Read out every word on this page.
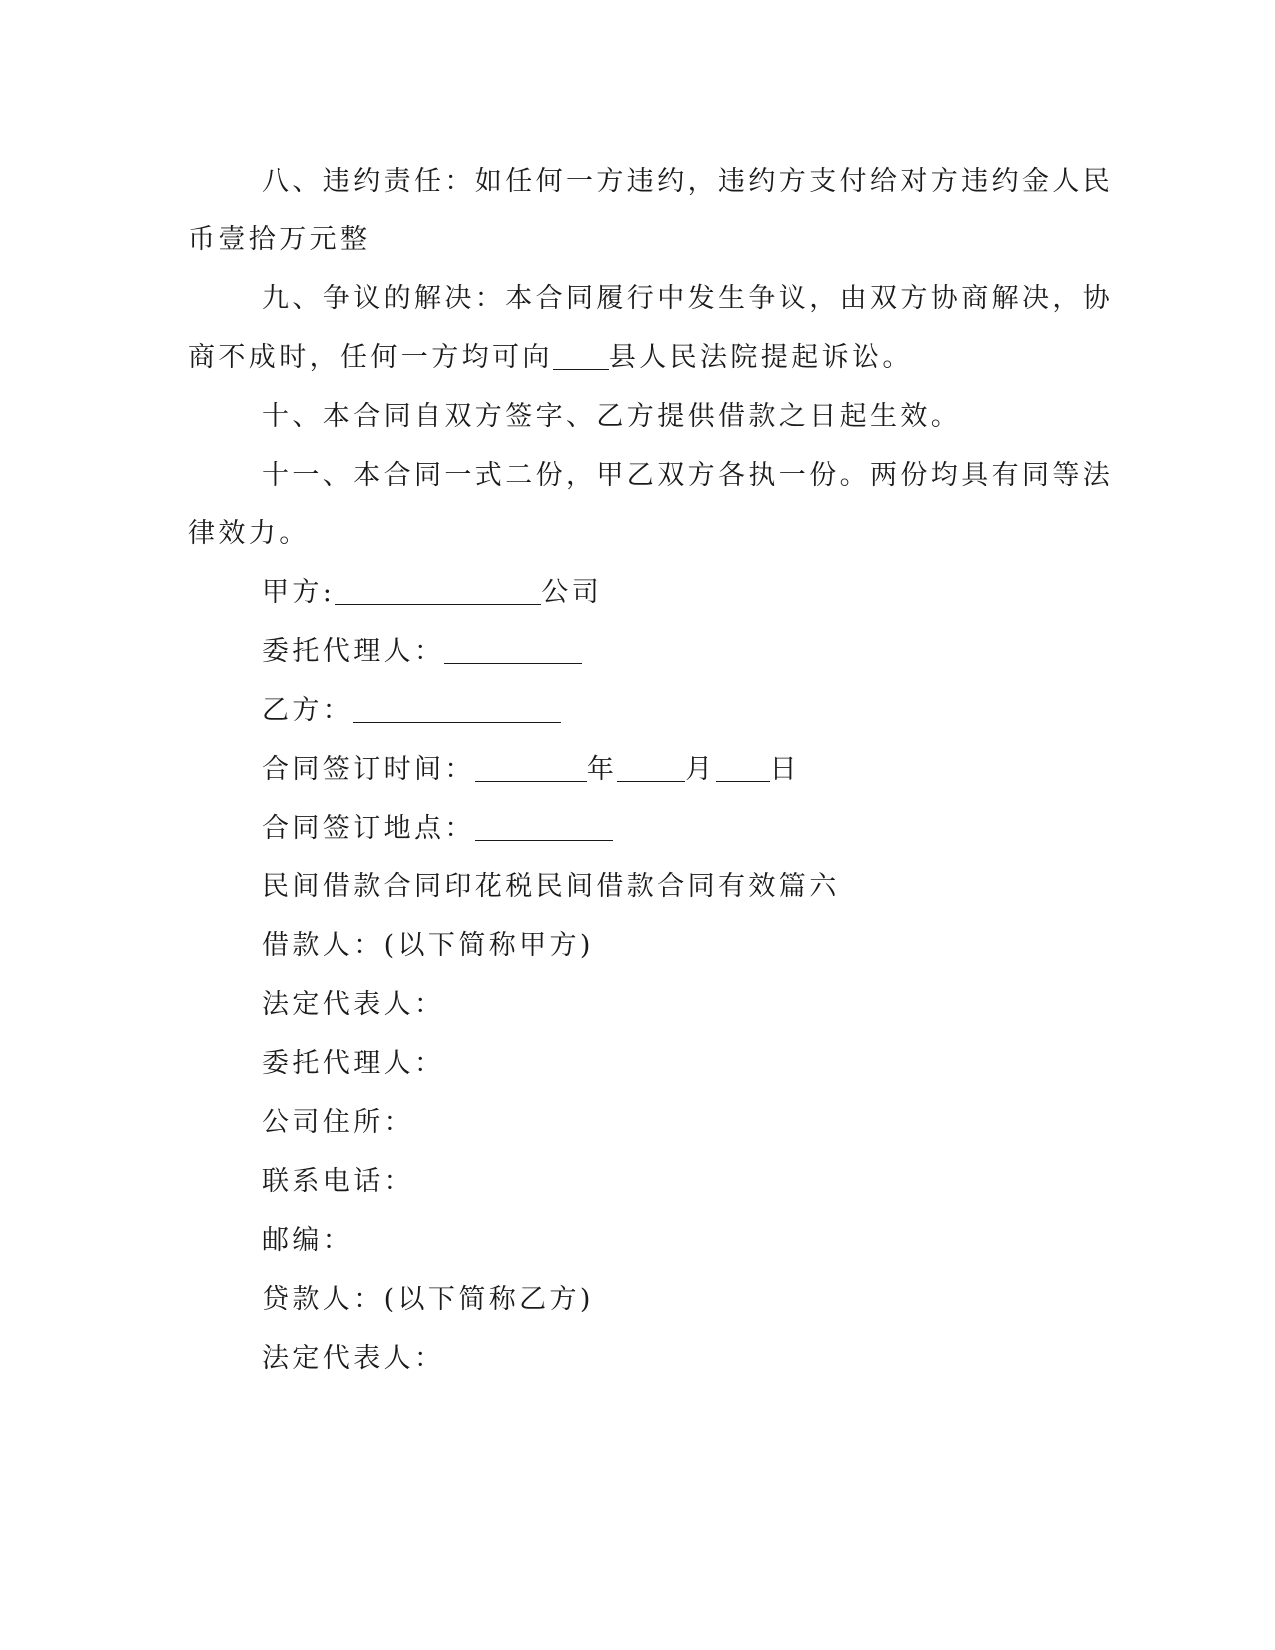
八、违约责任：如任何一方违约，违约方支付给对方违约金人民
币壹拾万元整
九、争议的解决：本合同履行中发生争议，由双方协商解决，协
商不成时，任何一方均可向 县人民法院提起诉讼。
十、本合同自双方签字、乙方提供借款之日起生效。
十一、本合同一式二份，甲乙双方各执一份。两份均具有同等法
律效力。
甲方:	公司
委托代理人：
乙方：
合同签订时间：	年	月 日
合同签订地点：
民间借款合同印花税民间借款合同有效篇六
借款人：(以下简称甲方)
法定代表人：
委托代理人：
公司住所：
联系电话：
邮编：
贷款人：(以下简称乙方)
法定代表人：
